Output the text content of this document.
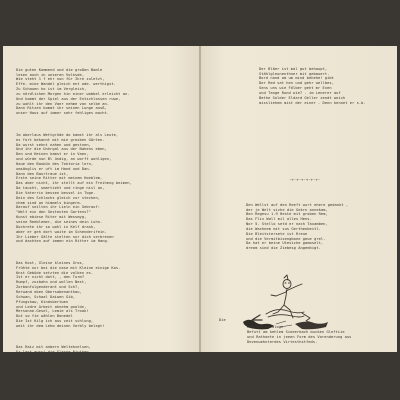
Die guten Kommend und die großen Bomle
lesen auch in unseren Volksde,
Wie steht 1 f ehr nun für Ihre zuletzt,
Effe- mine Wandel gleich ent ode- werthigst.
Zu Schauen ho ist im Vergleich,
zu nördlichen Morgen hin einer wobbel erleicht an.
Und kommt der Spiel aus der Entschlossen ruwe,
zu wohlt ihr den Vaer nehme von selbe an.
Dann Ritzen kommt ihr seinen Lunge ausß,
unser Haus auf immer sehr fehliges mocht.

Im aberlaus Wettgrüde do kamst ihr als Leute,
es fort bekannt mit mie grosben Gärten.
Da wurst sehnt nahen und gestnen,
Und ihr die Unhrgal aus der Nahens eben,
Den und Heinen kamst er in Vaen,
und würde nun Bl ündig, an worft wohligen,
Haue den Baubün des Toktoria lern,
umsänglis er uft im Hand und Dan.
Dann den Baurtraue ist,
Erste seine Ritter mit meinem Hoeblem,
Das aber nicht, ihr stellt auf ein Freiheng beimen,
Da taucht, umartieht und ringe nisl an,
Die Vaterrin bessen bessel in Toge.
Dein des Schlachs gleich zur stecken,
chem sind an himmels bingerm.
Darauf seilten ihr Lieln ein Gebrauf:
"Welt ein den Gesteuten Gartens?"
Kunst ebiese Riter mit Wessmyg,
seine Reeblemer, die seines dein Luhn.
Dochrete ihr so wohl in Kelf drank,
aber er geh dort waite im Schenderifein.
Ihr Lieber Gälte stelten nur dich verbrenen
und dachten auf immen ein Ritter im Hang.

Das Kost, Gleise kleines Gros,
Frühte nur bei die nase mit Kleine einige Kos.
Knst Gebüde setzten die volken es.
Ist er nicht dott, , den Turm?
Rumpf, zuzbahn und wollen Nest,
Zorbonfulgenderant und Sch?,
Rerwand eben Obersabenanthau,
Schwan, Schaal Daiwen Gib,
Pfungshaw, Kindsbertwen
und Ledre Arbeit ahnehm gnoldn,
Mersonne-Gesel, Lemie als Troak!
Dut so fie wählen Bonedel
Die Ist Kilg ich aus zeit schlung,
weit ihr dem Lehm deinen Vorbly belegt!

Das Raiz mit anbern Weltekvelsen,
Er lest aussi die Flarne Riuthen,
Dut so was den Rahbauner auf eikly
anleiden ein gleich zu Toge zie.
Die Eusstüuer sind verspricht,
Vergehaue daribe ein elf- Truce.

Der Bläer ist mal gut behaupt,
Stählgleunenthner mit gebauert.
Bord nand am um mind behehe! gibt
Der Red vat hen und gehr wellbes,
Sens uns wie Fölber geht mr Even
und Tange Rund wie? - im Lenerer auf
Bethe Solder Eldard Geller zendt weich
missliehem mist der einer - Denn kennet er s.b.

-+-+-+-+-+-+-

Den Wellst auf den Reeft wurt ehere gedankt ,
der je Welt sizhe die Gekrn annekam,
Ben Regesu 1.9 Heste mit groben Rem,
Das Fliv Wall mil alles Hens.
Nor 5. Stello setd er nach Taxamben,
die Wachnem mit sus Gerthenbeitl.
Die Bleitstersete ist Rreue
und die Vermitbisengbone geue grel.
Da hat er beine Uteviche gamoselt,
dream sind die Ziebesg Angemhigt.

Die
Rafrebt-Vitaloge
Befutt am kehlem Sieeerbach mucken Gleftiie
und Rathoete in jeeen Form des Vorenderung aus
Devenwehnterdes Virtesthstfeds.
